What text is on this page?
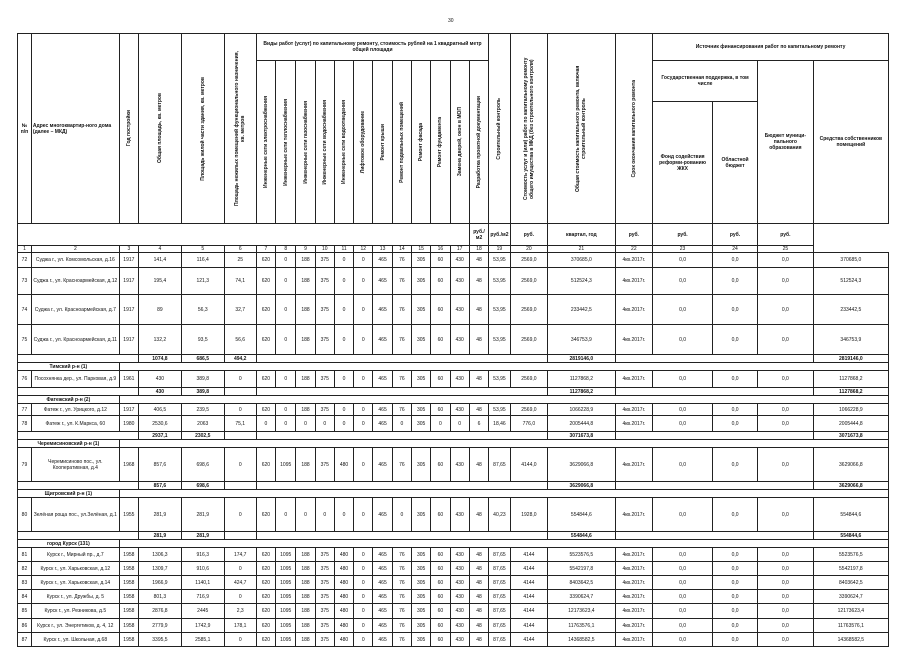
30
№ п/п	Адрес многоквартир-ного дома (далее – МКД)	Год постройки	Общая площадь, кв. метров	Площадь жилой части здания, кв. метров	Площадь нежилых помещений функционального назначения, кв. метров	Виды работ (услуг) по капитальному ремонту, стоимость рублей на 1 квадратный метр общей площади												Строительный контроль	Стоимость услуг и (или) работ по капитальному ремонту общего имущества в МКД (без строительного контроля)	Общая стоимость капитального ремонта, включая строительный контроль	Срок окончания капитального ремонта	Источник финансирования работ по капитальному ремонту			

						Инженерные сети электроснабжения	Инженерные сети теплоснабжения	Инженерные сети газоснабжения	Инженерные сети водоснабжения	Инженерные сети водоотведения	Лифтовое оборудование	Ремонт крыши	Ремонт подвальных помещений	Ремонт фасада	Ремонт фундамента	Замена дверей, окон в МОП	Разработка проектной документации					Государственная поддержка, в том числе		Бюджет муници-пального образования	Средства собственников помещений
																						Фонд содействия реформи-рованию ЖКХ	Областной бюджет		
																	руб./ м2	руб./м2	руб.	квартал, год	руб.	руб.	руб.	руб.	
1	2	3	4	5	6	7	8	9	10	11	12	13	14	15	16	17	18	19	20	21	22	23	24	25	
72	Суджа г., ул. Комсомольская, д.16	1917	141,4	116,4	25	620	0	188	375	0	0	465	76	305	60	430	48	53,95	2569,0	370685,0	4кв.2017г.	0,0	0,0	0,0	370685,0
73	Суджа г., ул. Красноармейская, д.12	1917	195,4	121,3	74,1	620	0	188	375	0	0	465	76	305	60	430	48	53,95	2569,0	512524,3	4кв.2017г.	0,0	0,0	0,0	512524,3
74	Суджа г., ул. Красноармейская, д.7	1917	89	56,3	32,7	620	0	188	375	0	0	465	76	305	60	430	48	53,95	2569,0	233442,5	4кв.2017г.	0,0	0,0	0,0	233442,5
75	Суджа г., ул. Красноармейская, д.11	1917	132,2	93,5	56,6	620	0	188	375	0	0	465	76	305	60	430	48	53,95	2569,0	346753,9	4кв.2017г.	0,0	0,0	0,0	346753,9
			1074,8	686,5	494,2															2819146,0					2819146,0
Тимский р-н (1)																									
76	Посохнянка дер., ул. Парковая, д.9	1961	430	389,8	0	620	0	188	375	0	0	465	76	305	60	430	48	53,95	2569,0	1127868,2	4кв.2017г.	0,0	0,0	0,0	1127868,2
			430	389,8																1127868,2					1127868,2
Фатежский р-н (2)																									
77	Фатеж г., ул. Урицкого, д.12	1917	406,5	239,5	0	620	0	188	375	0	0	465	76	305	60	430	48	53,95	2569,0	1066228,9	4кв.2017г.	0,0	0,0	0,0	1066228,9
78	Фатеж г., ул. К.Маркса, 60	1980	2530,6	2063	75,1	0	0	0	0	0	0	465	0	305	0	0	6	18,46	776,0	2005444,8	4кв.2017г.	0,0	0,0	0,0	2005444,8
			2937,1	2302,5																3071673,8					3071673,8
Черемисиновский р-н (1)																									
79	Черемисиново пос., ул. Кооперативная, д.4	1968	857,6	698,6	0	620	1095	188	375	480	0	465	76	305	60	430	48	87,65	4144,0	3629066,8	4кв.2017г.	0,0	0,0	0,0	3629066,8
			857,6	698,6																3629066,8					3629066,8
Щигровский р-н (1)																									
80	Зелёная роща пос., ул.Зелёная, д.1	1955	281,9	281,9	0	620	0	0	0	0	0	465	0	305	60	430	48	40,23	1928,0	554844,6	4кв.2017г.	0,0	0,0	0,0	554844,6
			281,9	281,9																554844,6					554844,6
город Курск (131)																									
81	Курск г., Мирный пр., д.7	1958	1306,3	916,3	174,7	620	1095	188	375	480	0	465	76	305	60	430	48	87,65	4144	5523576,5	4кв.2017г.	0,0	0,0	0,0	5523576,5
82	Курск г., ул. Харьковская, д.12	1958	1309,7	910,6	0	620	1095	188	375	480	0	465	76	305	60	430	48	87,65	4144	5542197,8	4кв.2017г.	0,0	0,0	0,0	5542197,8
83	Курск г., ул. Харьковская, д.14	1958	1966,9	1140,1	424,7	620	1095	188	375	480	0	465	76	305	60	430	48	87,65	4144	8403642,5	4кв.2017г.	0,0	0,0	0,0	8403642,5
84	Курск г., ул. Дружбы, д. 5	1958	801,3	716,9	0	620	1095	188	375	480	0	465	76	305	60	430	48	87,65	4144	3390624,7	4кв.2017г.	0,0	0,0	0,0	3390624,7
85	Курск г., ул. Резниковa, д.5	1958	2876,8	2445	2,3	620	1095	188	375	480	0	465	76	305	60	430	48	87,65	4144	12173623,4	4кв.2017г.	0,0	0,0	0,0	12173623,4
86	Курск г., ул. Энергетиков, д. 4, 12	1958	2779,9	1742,9	178,1	620	1095	188	375	480	0	465	76	305	60	430	48	87,65	4144	11763576,1	4кв.2017г.	0,0	0,0	0,0	11763576,1
87	Курск г., ул. Школьная, д.68	1958	3395,5	2585,1	0	620	1095	188	375	480	0	465	76	305	60	430	48	87,65	4144	14368582,5	4кв.2017г.	0,0	0,0	0,0	14368582,5
